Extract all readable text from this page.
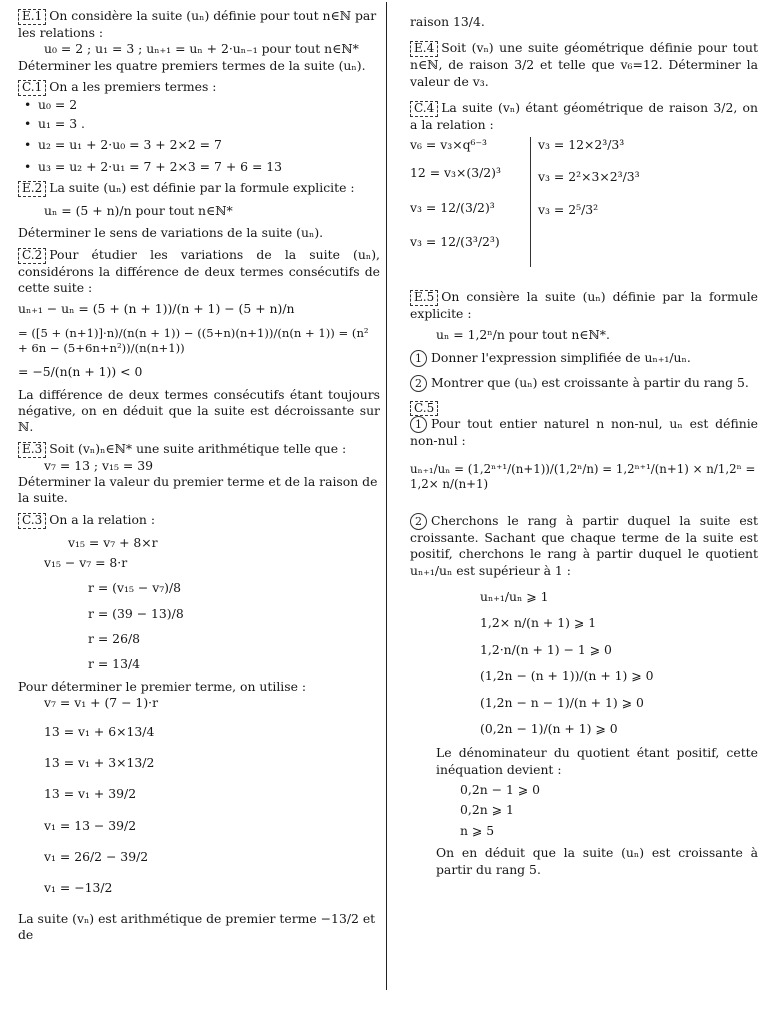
E.1 On considère la suite (uₙ) définie pour tout n∈ℕ par les relations :

u₀ = 2 ; u₁ = 3 ; uₙ₊₁ = uₙ + 2·uₙ₋₁ pour tout n∈ℕ*

Déterminer les quatre premiers termes de la suite (uₙ).

C.1 On a les premiers termes :

• u₀ = 2

• u₁ = 3 .

• u₂ = u₁ + 2·u₀ = 3 + 2×2 = 7

• u₃ = u₂ + 2·u₁ = 7 + 2×3 = 7 + 6 = 13

E.2 La suite (uₙ) est définie par la formule explicite :

uₙ = (5 + n)/n pour tout n∈ℕ*

Déterminer le sens de variations de la suite (uₙ).

C.2 Pour étudier les variations de la suite (uₙ), considérons la différence de deux termes consécutifs de cette suite :

uₙ₊₁ − uₙ = (5 + (n + 1))/(n + 1) − (5 + n)/n

= ([5 + (n+1)]·n)/(n(n + 1)) − ((5+n)(n+1))/(n(n + 1)) = (n² + 6n − (5+6n+n²))/(n(n+1))

= −5/(n(n + 1)) < 0

La différence de deux termes consécutifs étant toujours négative, on en déduit que la suite est décroissante sur ℕ.

E.3 Soit (vₙ)ₙ∈ℕ* une suite arithmétique telle que :

v₇ = 13 ; v₁₅ = 39

Déterminer la valeur du premier terme et de la raison de la suite.

C.3 On a la relation :

v₁₅ = v₇ + 8×r

v₁₅ − v₇ = 8·r

r = (v₁₅ − v₇)/8

r = (39 − 13)/8

r = 26/8

r = 13/4

Pour déterminer le premier terme, on utilise :

v₇ = v₁ + (7 − 1)·r

13 = v₁ + 6×13/4

13 = v₁ + 3×13/2

13 = v₁ + 39/2

v₁ = 13 − 39/2

v₁ = 26/2 − 39/2

v₁ = −13/2

La suite (vₙ) est arithmétique de premier terme −13/2 et de

raison 13/4.

E.4 Soit (vₙ) une suite géométrique définie pour tout n∈ℕ, de raison 3/2 et telle que v₆=12. Déterminer la valeur de v₃.

C.4 La suite (vₙ) étant géométrique de raison 3/2, on a la relation :

v₆ = v₃×q⁶⁻³

12 = v₃×(3/2)³

v₃ = 12/(3/2)³

v₃ = 12/(3³/2³)

v₃ = 12×2³/3³

v₃ = 2²×3×2³/3³

v₃ = 2⁵/3²

E.5 On consière la suite (uₙ) définie par la formule explicite :

uₙ = 1,2ⁿ/n pour tout n∈ℕ*.

1 Donner l'expression simplifiée de uₙ₊₁/uₙ.

2 Montrer que (uₙ) est croissante à partir du rang 5.

C.5

1 Pour tout entier naturel n non-nul, uₙ est définie non-nul :

uₙ₊₁/uₙ = (1,2ⁿ⁺¹/(n+1))/(1,2ⁿ/n) = 1,2ⁿ⁺¹/(n+1) × n/1,2ⁿ = 1,2× n/(n+1)

2 Cherchons le rang à partir duquel la suite est croissante. Sachant que chaque terme de la suite est positif, cherchons le rang à partir duquel le quotient uₙ₊₁/uₙ est supérieur à 1 :

uₙ₊₁/uₙ ⩾ 1

1,2× n/(n + 1) ⩾ 1

1,2·n/(n + 1) − 1 ⩾ 0

(1,2n − (n + 1))/(n + 1) ⩾ 0

(1,2n − n − 1)/(n + 1) ⩾ 0

(0,2n − 1)/(n + 1) ⩾ 0

Le dénominateur du quotient étant positif, cette inéquation devient :

0,2n − 1 ⩾ 0

0,2n ⩾ 1

n ⩾ 5

On en déduit que la suite (uₙ) est croissante à partir du rang 5.
